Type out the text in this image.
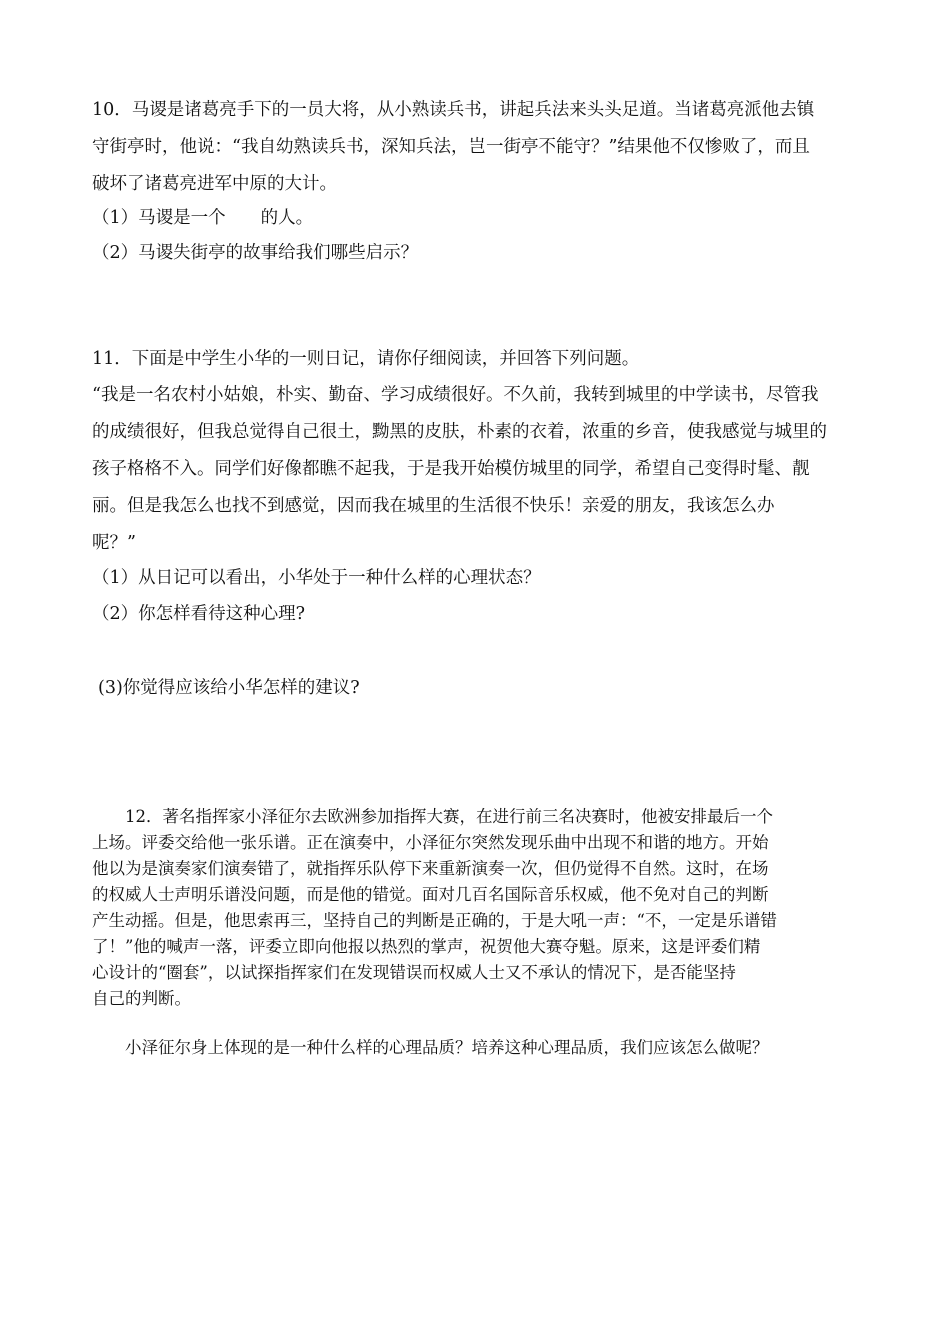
10．马谡是诸葛亮手下的一员大将，从小熟读兵书，讲起兵法来头头足道。当诸葛亮派他去镇
守街亭时，他说：“我自幼熟读兵书，深知兵法，岂一街亭不能守？”结果他不仅惨败了，而且
破坏了诸葛亮进军中原的大计。
（1）马谡是一个　　的人。
（2）马谡失街亭的故事给我们哪些启示？
11．下面是中学生小华的一则日记，请你仔细阅读，并回答下列问题。
“我是一名农村小姑娘，朴实、勤奋、学习成绩很好。不久前，我转到城里的中学读书，尽管我
的成绩很好，但我总觉得自己很土，黝黑的皮肤，朴素的衣着，浓重的乡音，使我感觉与城里的
孩子格格不入。同学们好像都瞧不起我，于是我开始模仿城里的同学，希望自己变得时髦、靓
丽。但是我怎么也找不到感觉，因而我在城里的生活很不快乐！亲爱的朋友，我该怎么办
呢？”
（1）从日记可以看出，小华处于一种什么样的心理状态？
（2）你怎样看待这种心理?
(3)你觉得应该给小华怎样的建议?
　　12．著名指挥家小泽征尔去欧洲参加指挥大赛，在进行前三名决赛时，他被安排最后一个
上场。评委交给他一张乐谱。正在演奏中，小泽征尔突然发现乐曲中出现不和谐的地方。开始
他以为是演奏家们演奏错了，就指挥乐队停下来重新演奏一次，但仍觉得不自然。这时，在场
的权威人士声明乐谱没问题，而是他的错觉。面对几百名国际音乐权威，他不免对自己的判断
产生动摇。但是，他思索再三，坚持自己的判断是正确的，于是大吼一声：“不，一定是乐谱错
了！”他的喊声一落，评委立即向他报以热烈的掌声，祝贺他大赛夺魁。原来，这是评委们精
心设计的“圈套”，以试探指挥家们在发现错误而权威人士又不承认的情况下，是否能坚持
自己的判断。
　　小泽征尔身上体现的是一种什么样的心理品质？培养这种心理品质，我们应该怎么做呢？
